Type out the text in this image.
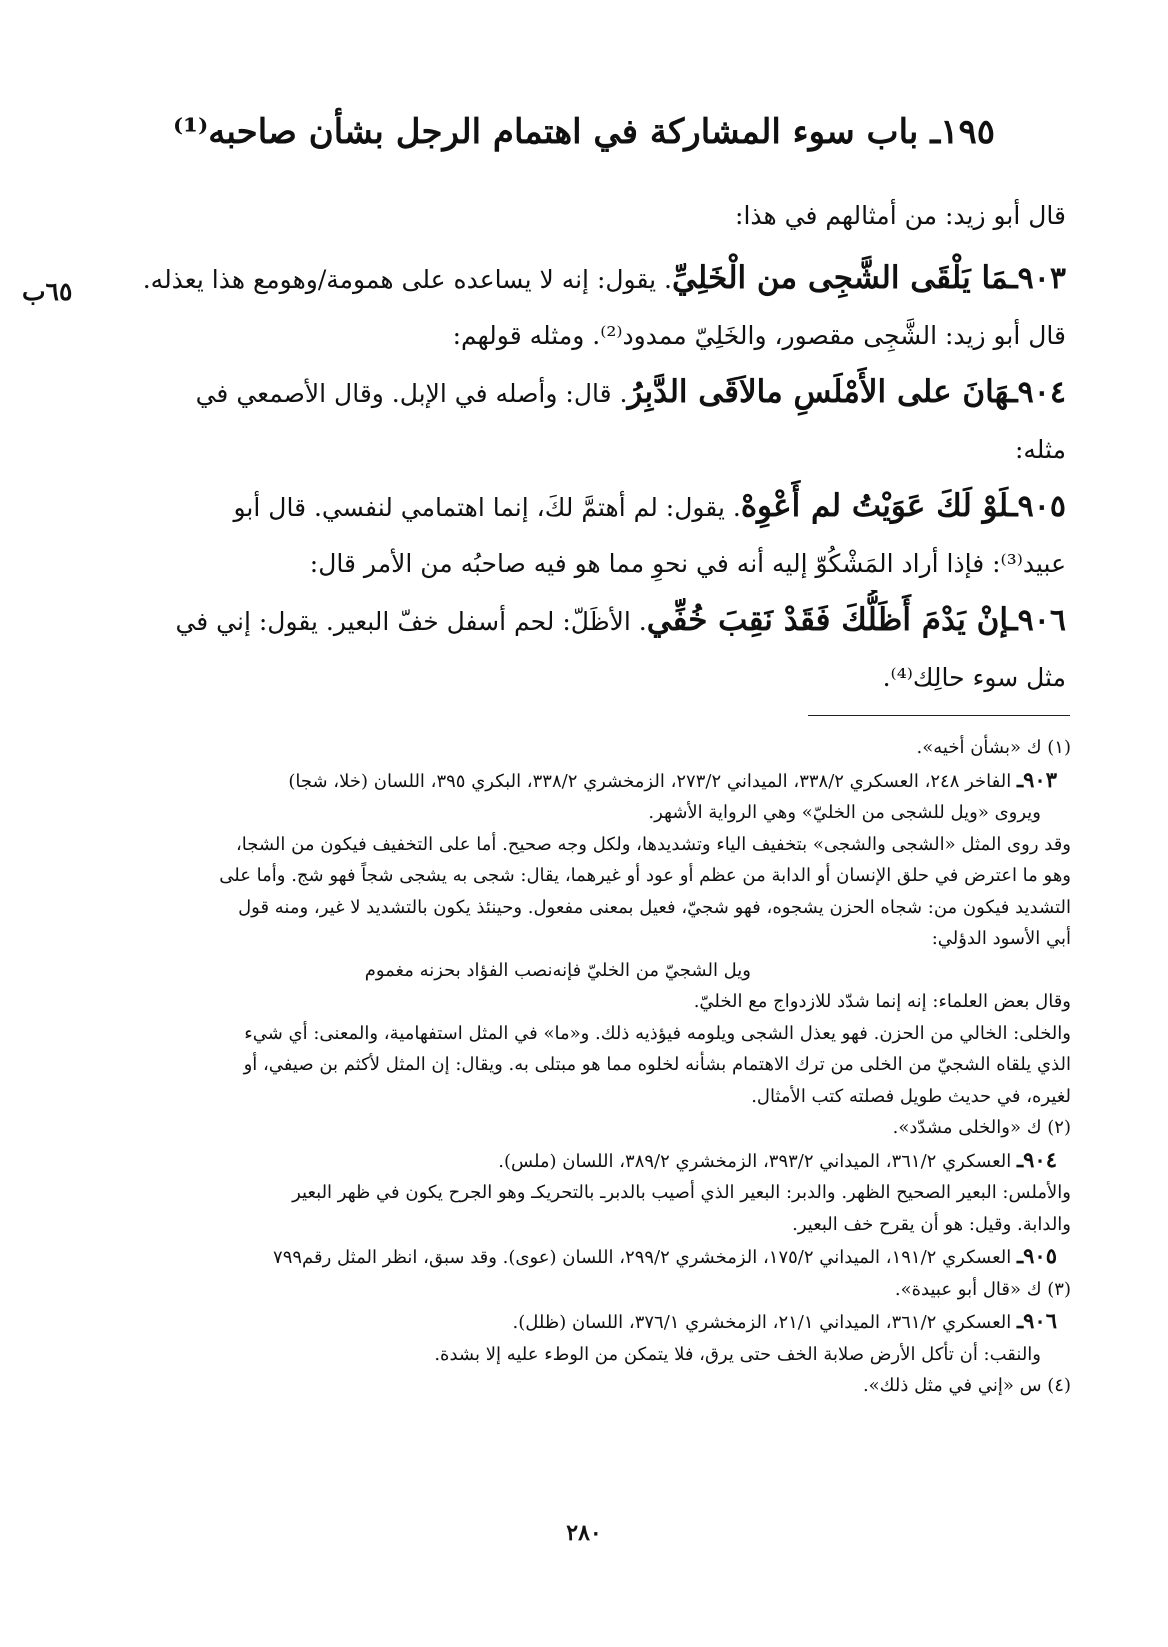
١٩٥ـ باب سوء المشاركة في اهتمام الرجل بشأن صاحبه⁽¹⁾
٦٥ب
قال أبو زيد: من أمثالهم في هذا:
٩٠٣ـمَا يَلْقَى الشَّجِى من الْخَلِيِّ. يقول: إنه لا يساعده على همومة/وهومع هذا يعذله.
قال أبو زيد: الشَّجِى مقصور، والخَلِيّ ممدود⁽²⁾. ومثله قولهم:
٩٠٤ـهَانَ على الأَمْلَسِ مالاَقَى الدَّبِرُ. قال: وأصله في الإبل. وقال الأصمعي في
مثله:
٩٠٥ـلَوْ لَكَ عَوَيْتُ لم أَعْوِهْ. يقول: لم أهتمَّ لكَ، إنما اهتمامي لنفسي. قال أبو
عبيد⁽³⁾: فإذا أراد المَشْكُوّ إليه أنه في نحوِ مما هو فيه صاحبُه من الأمر قال:
٩٠٦ـإنْ يَدْمَ أَظَلُّكَ فَقَدْ نَقِبَ خُفِّي. الأظَلّ: لحم أسفل خفّ البعير. يقول: إني في
مثل سوء حالِك⁽⁴⁾.
(١) ك «بشأن أخيه».
٩٠٣ـ الفاخر ٢٤٨، العسكري ٣٣٨/٢، الميداني ٢٧٣/٢، الزمخشري ٣٣٨/٢، البكري ٣٩٥، اللسان (خلا، شجا)
ويروى «ويل للشجى من الخليّ» وهي الرواية الأشهر.
وقد روى المثل «الشجى والشجى» بتخفيف الياء وتشديدها، ولكل وجه صحيح. أما على التخفيف فيكون من الشجا،
وهو ما اعترض في حلق الإنسان أو الدابة من عظم أو عود أو غيرهما، يقال: شجى به يشجى شجاً فهو شج. وأما على
التشديد فيكون من: شجاه الحزن يشجوه، فهو شجيّ، فعيل بمعنى مفعول. وحينئذ يكون بالتشديد لا غير، ومنه قول
أبي الأسود الدؤلي:
ويل الشجيّ من الخليّ فإنه
نصب الفؤاد بحزنه مغموم
وقال بعض العلماء: إنه إنما شدّد للازدواج مع الخليّ.
والخلى: الخالي من الحزن. فهو يعذل الشجى ويلومه فيؤذيه ذلك. و«ما» في المثل استفهامية، والمعنى: أي شيء
الذي يلقاه الشجيّ من الخلى من ترك الاهتمام بشأنه لخلوه مما هو مبتلى به. ويقال: إن المثل لأكثم بن صيفي، أو
لغيره، في حديث طويل فصلته كتب الأمثال.
(٢) ك «والخلى مشدّد».
٩٠٤ـ العسكري ٣٦١/٢، الميداني ٣٩٣/٢، الزمخشري ٣٨٩/٢، اللسان (ملس).
والأملس: البعير الصحيح الظهر. والدبر: البعير الذي أصيب بالدبرـ بالتحريكـ وهو الجرح يكون في ظهر البعير
والدابة. وقيل: هو أن يقرح خف البعير.
٩٠٥ـ العسكري ١٩١/٢، الميداني ١٧٥/٢، الزمخشري ٢٩٩/٢، اللسان (عوى). وقد سبق، انظر المثل رقم٧٩٩
(٣) ك «قال أبو عبيدة».
٩٠٦ـ العسكري ٣٦١/٢، الميداني ٢١/١، الزمخشري ٣٧٦/١، اللسان (ظلل).
والنقب: أن تأكل الأرض صلابة الخف حتى يرق، فلا يتمكن من الوطء عليه إلا بشدة.
(٤) س «إني في مثل ذلك».
٢٨٠
